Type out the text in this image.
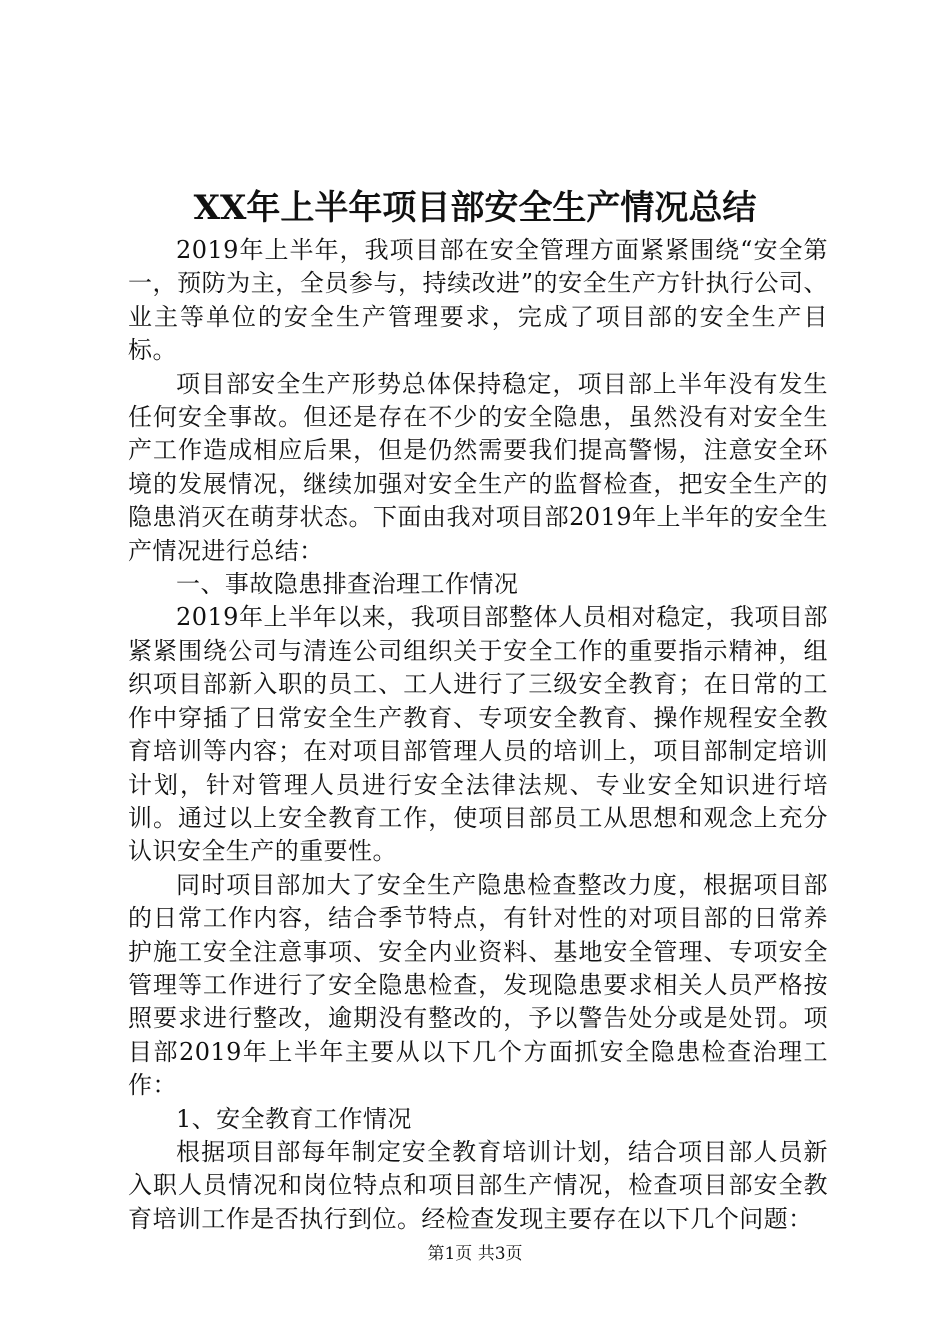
XX年上半年项目部安全生产情况总结

2019年上半年，我项目部在安全管理方面紧紧围绕“安全第一，预防为主，全员参与，持续改进”的安全生产方针执行公司、业主等单位的安全生产管理要求，完成了项目部的安全生产目标。

项目部安全生产形势总体保持稳定，项目部上半年没有发生任何安全事故。但还是存在不少的安全隐患，虽然没有对安全生产工作造成相应后果，但是仍然需要我们提高警惕，注意安全环境的发展情况，继续加强对安全生产的监督检查，把安全生产的隐患消灭在萌芽状态。下面由我对项目部2019年上半年的安全生产情况进行总结：

一、事故隐患排查治理工作情况

2019年上半年以来，我项目部整体人员相对稳定，我项目部紧紧围绕公司与清连公司组织关于安全工作的重要指示精神，组织项目部新入职的员工、工人进行了三级安全教育；在日常的工作中穿插了日常安全生产教育、专项安全教育、操作规程安全教育培训等内容；在对项目部管理人员的培训上，项目部制定培训计划，针对管理人员进行安全法律法规、专业安全知识进行培训。通过以上安全教育工作，使项目部员工从思想和观念上充分认识安全生产的重要性。

同时项目部加大了安全生产隐患检查整改力度，根据项目部的日常工作内容，结合季节特点，有针对性的对项目部的日常养护施工安全注意事项、安全内业资料、基地安全管理、专项安全管理等工作进行了安全隐患检查，发现隐患要求相关人员严格按照要求进行整改，逾期没有整改的，予以警告处分或是处罚。项目部2019年上半年主要从以下几个方面抓安全隐患检查治理工作：

1、安全教育工作情况

根据项目部每年制定安全教育培训计划，结合项目部人员新入职人员情况和岗位特点和项目部生产情况，检查项目部安全教育培训工作是否执行到位。经检查发现主要存在以下几个问题：

第1页 共3页
